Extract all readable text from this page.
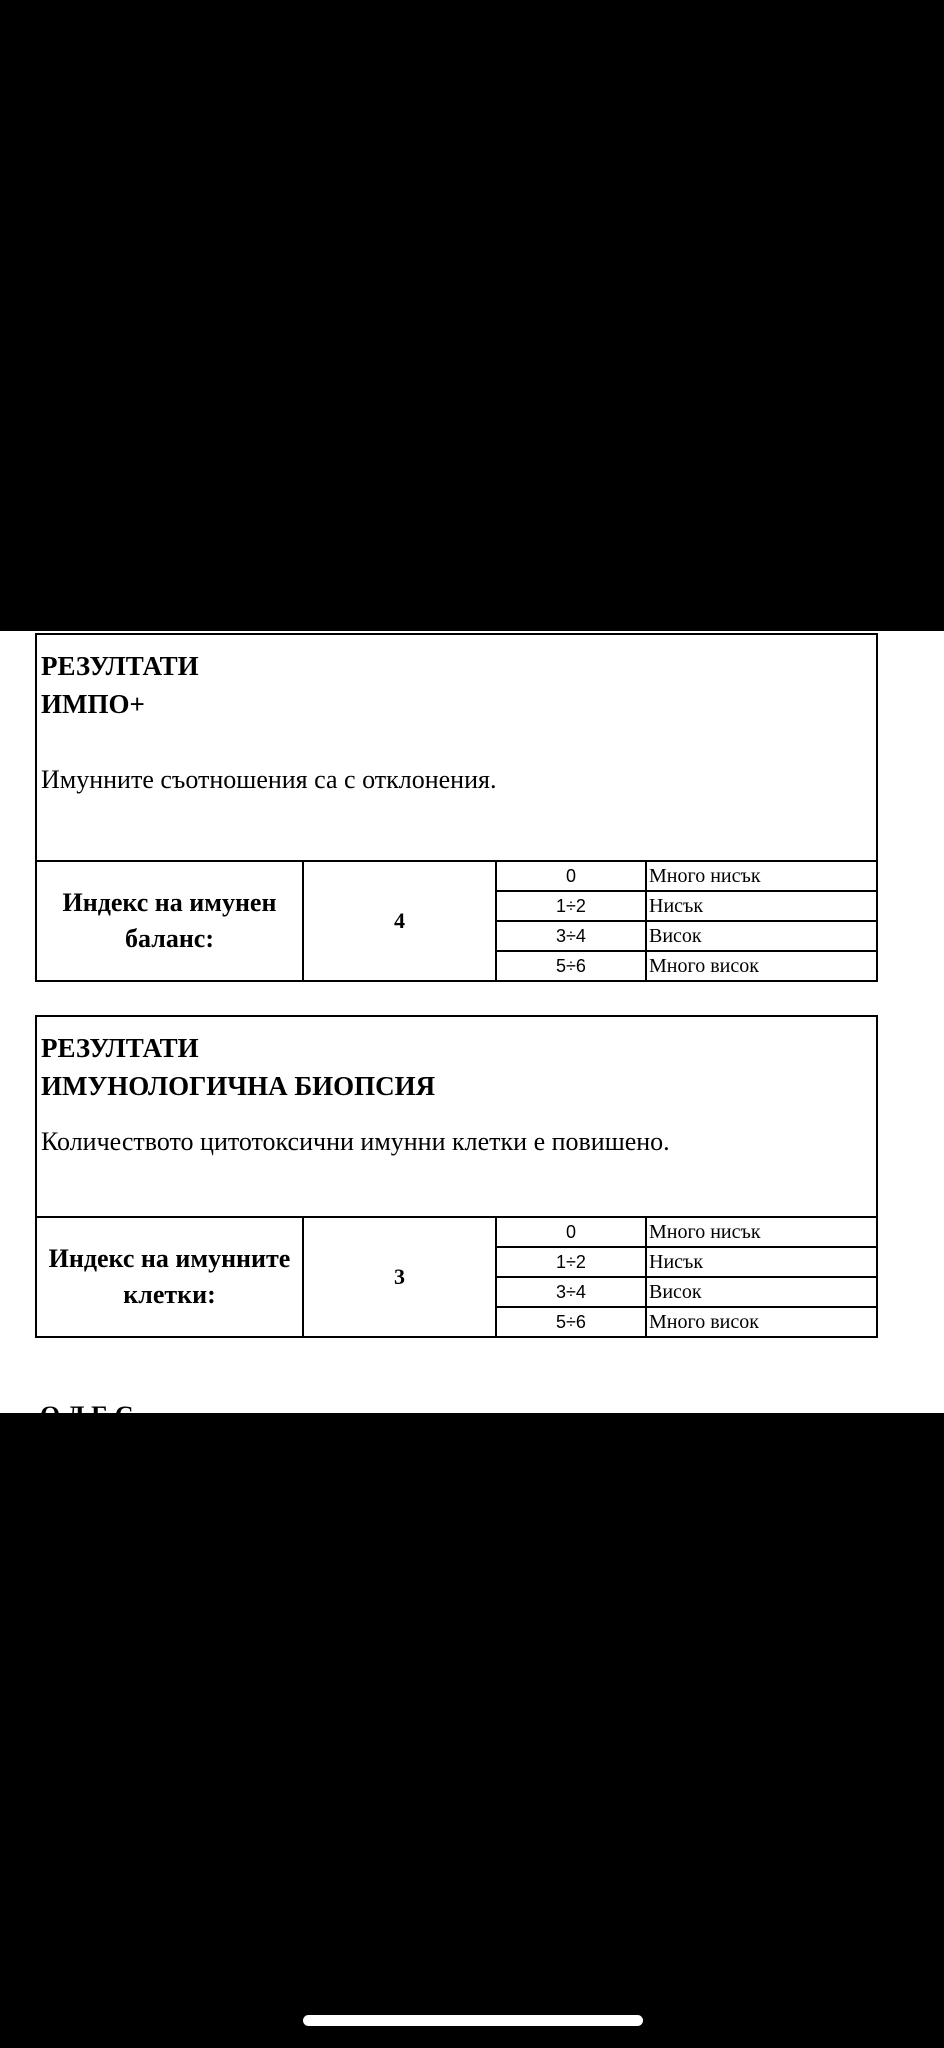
РЕЗУЛТАТИ
ИМПО+
Имунните съотношения са с отклонения.
Индекс на имунен баланс:	4	0	Много нисък
		1÷2	Нисък
		3÷4	Висок
		5÷6	Много висок
РЕЗУЛТАТИ
ИМУНОЛОГИЧНА БИОПСИЯ
Количеството цитотоксични имунни клетки е повишено.
Индекс на имунните клетки:	3	0	Много нисък
		1÷2	Нисък
		3÷4	Висок
		5÷6	Много висок
О Д Б С
